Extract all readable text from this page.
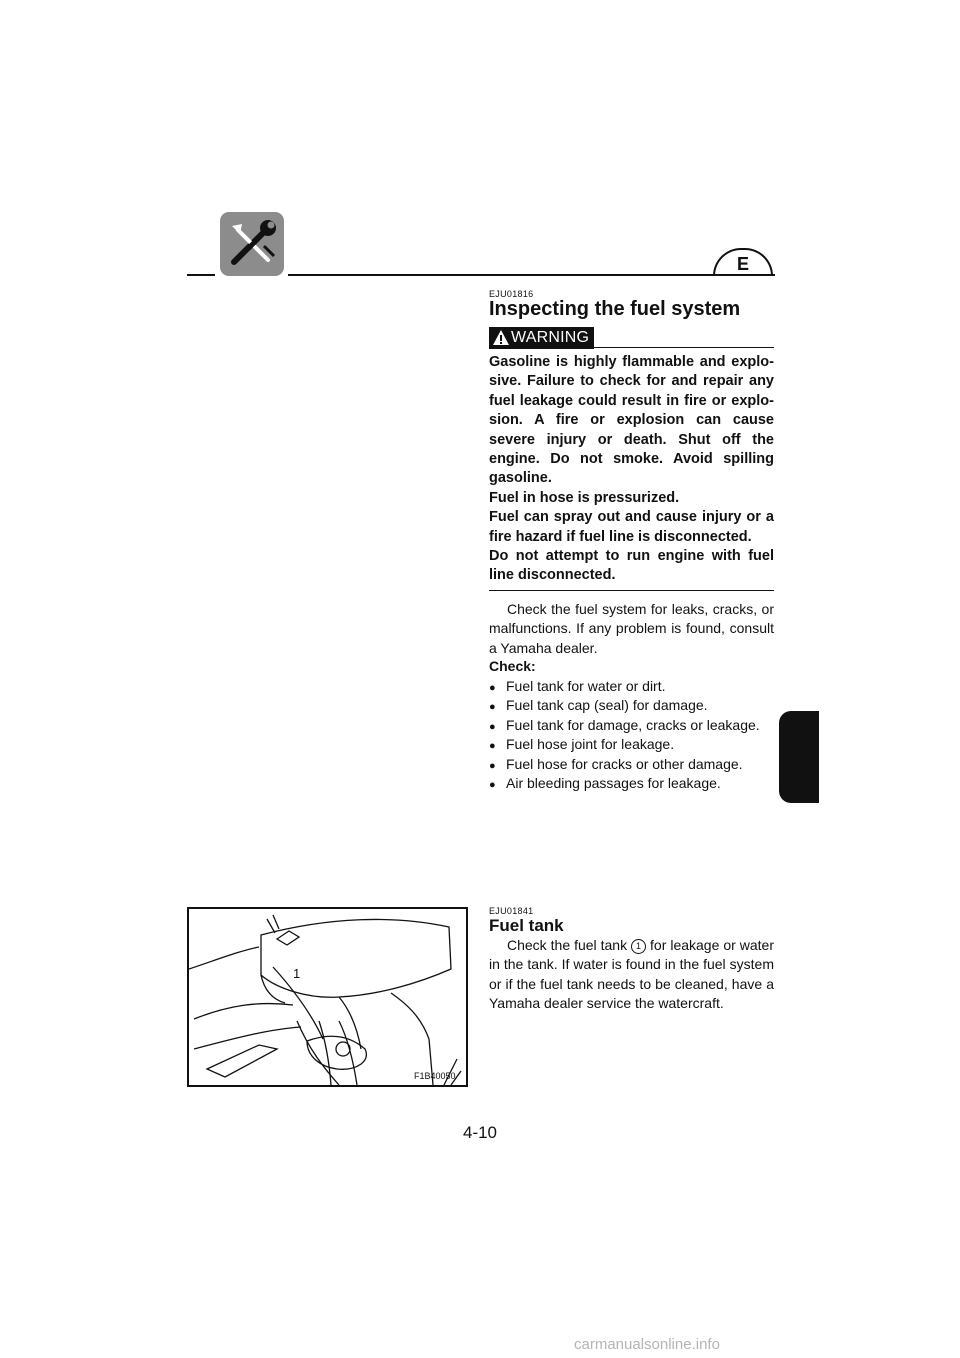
E
EJU01816
Inspecting the fuel system
WARNING

Gasoline is highly flammable and explo- sive. Failure to check for and repair any fuel leakage could result in fire or explo- sion. A fire or explosion can cause severe injury or death. Shut off the engine. Do not smoke. Avoid spilling gasoline.

Fuel in hose is pressurized.

Fuel can spray out and cause injury or a fire hazard if fuel line is disconnected.

Do not attempt to run engine with fuel line disconnected.

Check the fuel system for leaks, cracks, or malfunctions. If any problem is found, consult a Yamaha dealer.
Check:
● Fuel tank for water or dirt.
● Fuel tank cap (seal) for damage.
● Fuel tank for damage, cracks or leakage.
● Fuel hose joint for leakage.
● Fuel hose for cracks or other damage.
● Air bleeding passages for leakage.
EJU01841
Fuel tank
Check the fuel tank 1 for leakage or water in the tank. If water is found in the fuel system or if the fuel tank needs to be cleaned, have a Yamaha dealer service the watercraft.
1
F1B40050
4-10
carmanualsonline.info
